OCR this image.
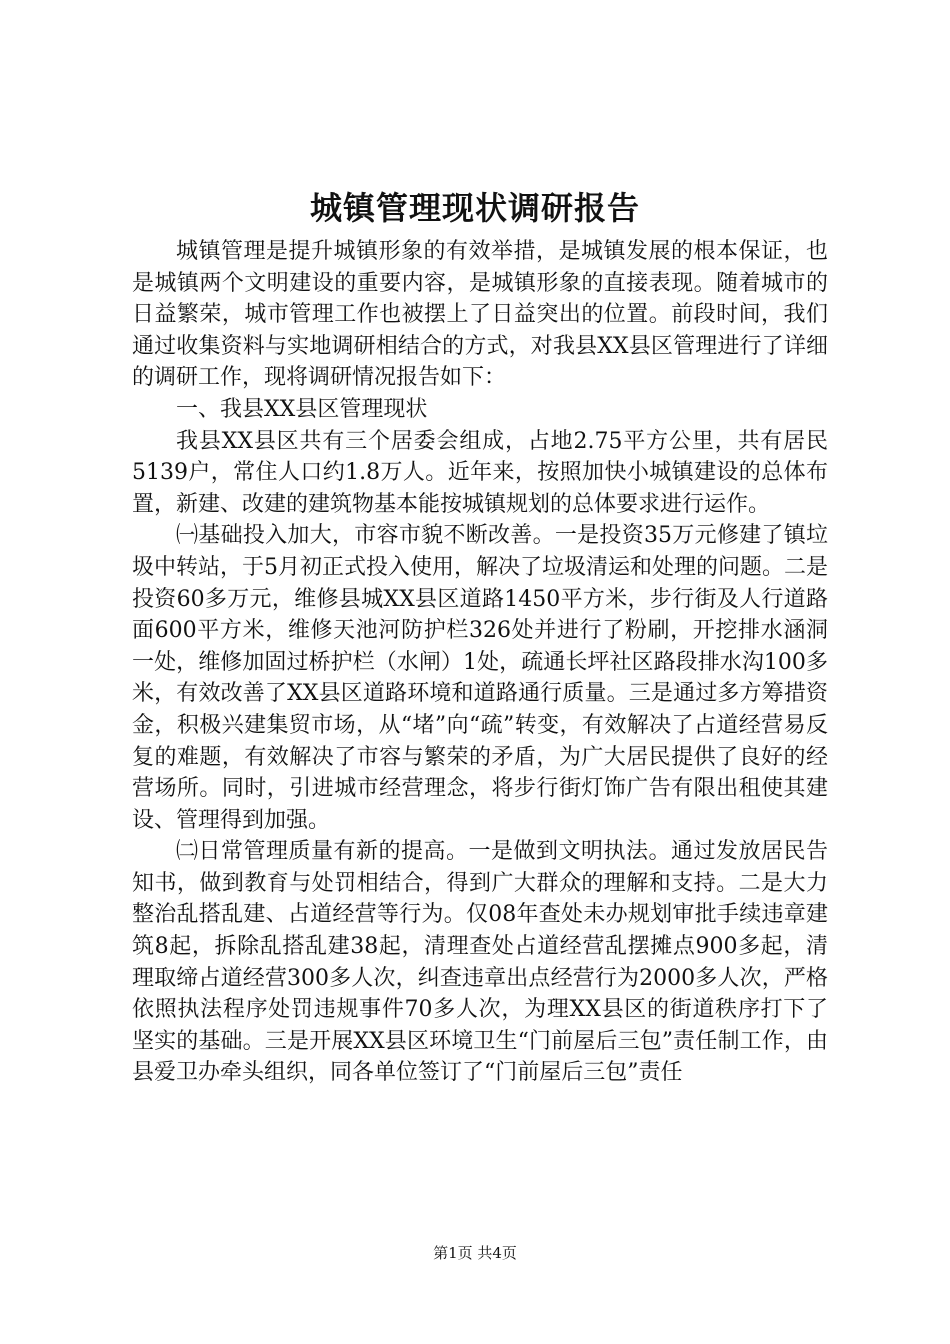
城镇管理现状调研报告

城镇管理是提升城镇形象的有效举措，是城镇发展的根本保证，也是城镇两个文明建设的重要内容，是城镇形象的直接表现。随着城市的日益繁荣，城市管理工作也被摆上了日益突出的位置。前段时间，我们通过收集资料与实地调研相结合的方式，对我县XX县区管理进行了详细的调研工作，现将调研情况报告如下：

一、我县XX县区管理现状

我县XX县区共有三个居委会组成，占地2.75平方公里，共有居民5139户，常住人口约1.8万人。近年来，按照加快小城镇建设的总体布置，新建、改建的建筑物基本能按城镇规划的总体要求进行运作。

㈠基础投入加大，市容市貌不断改善。一是投资35万元修建了镇垃圾中转站，于5月初正式投入使用，解决了垃圾清运和处理的问题。二是投资60多万元，维修县城XX县区道路1450平方米，步行街及人行道路面600平方米，维修天池河防护栏326处并进行了粉刷，开挖排水涵洞一处，维修加固过桥护栏（水闸）1处，疏通长坪社区路段排水沟100多米，有效改善了XX县区道路环境和道路通行质量。三是通过多方筹措资金，积极兴建集贸市场，从“堵”向“疏”转变，有效解决了占道经营易反复的难题，有效解决了市容与繁荣的矛盾，为广大居民提供了良好的经营场所。同时，引进城市经营理念，将步行街灯饰广告有限出租使其建设、管理得到加强。

㈡日常管理质量有新的提高。一是做到文明执法。通过发放居民告知书，做到教育与处罚相结合，得到广大群众的理解和支持。二是大力整治乱搭乱建、占道经营等行为。仅08年查处未办规划审批手续违章建筑8起，拆除乱搭乱建38起，清理查处占道经营乱摆摊点900多起，清理取缔占道经营300多人次，纠查违章出点经营行为2000多人次，严格依照执法程序处罚违规事件70多人次，为理XX县区的街道秩序打下了坚实的基础。三是开展XX县区环境卫生“门前屋后三包”责任制工作，由县爱卫办牵头组织，同各单位签订了“门前屋后三包”责任

第1页 共4页
